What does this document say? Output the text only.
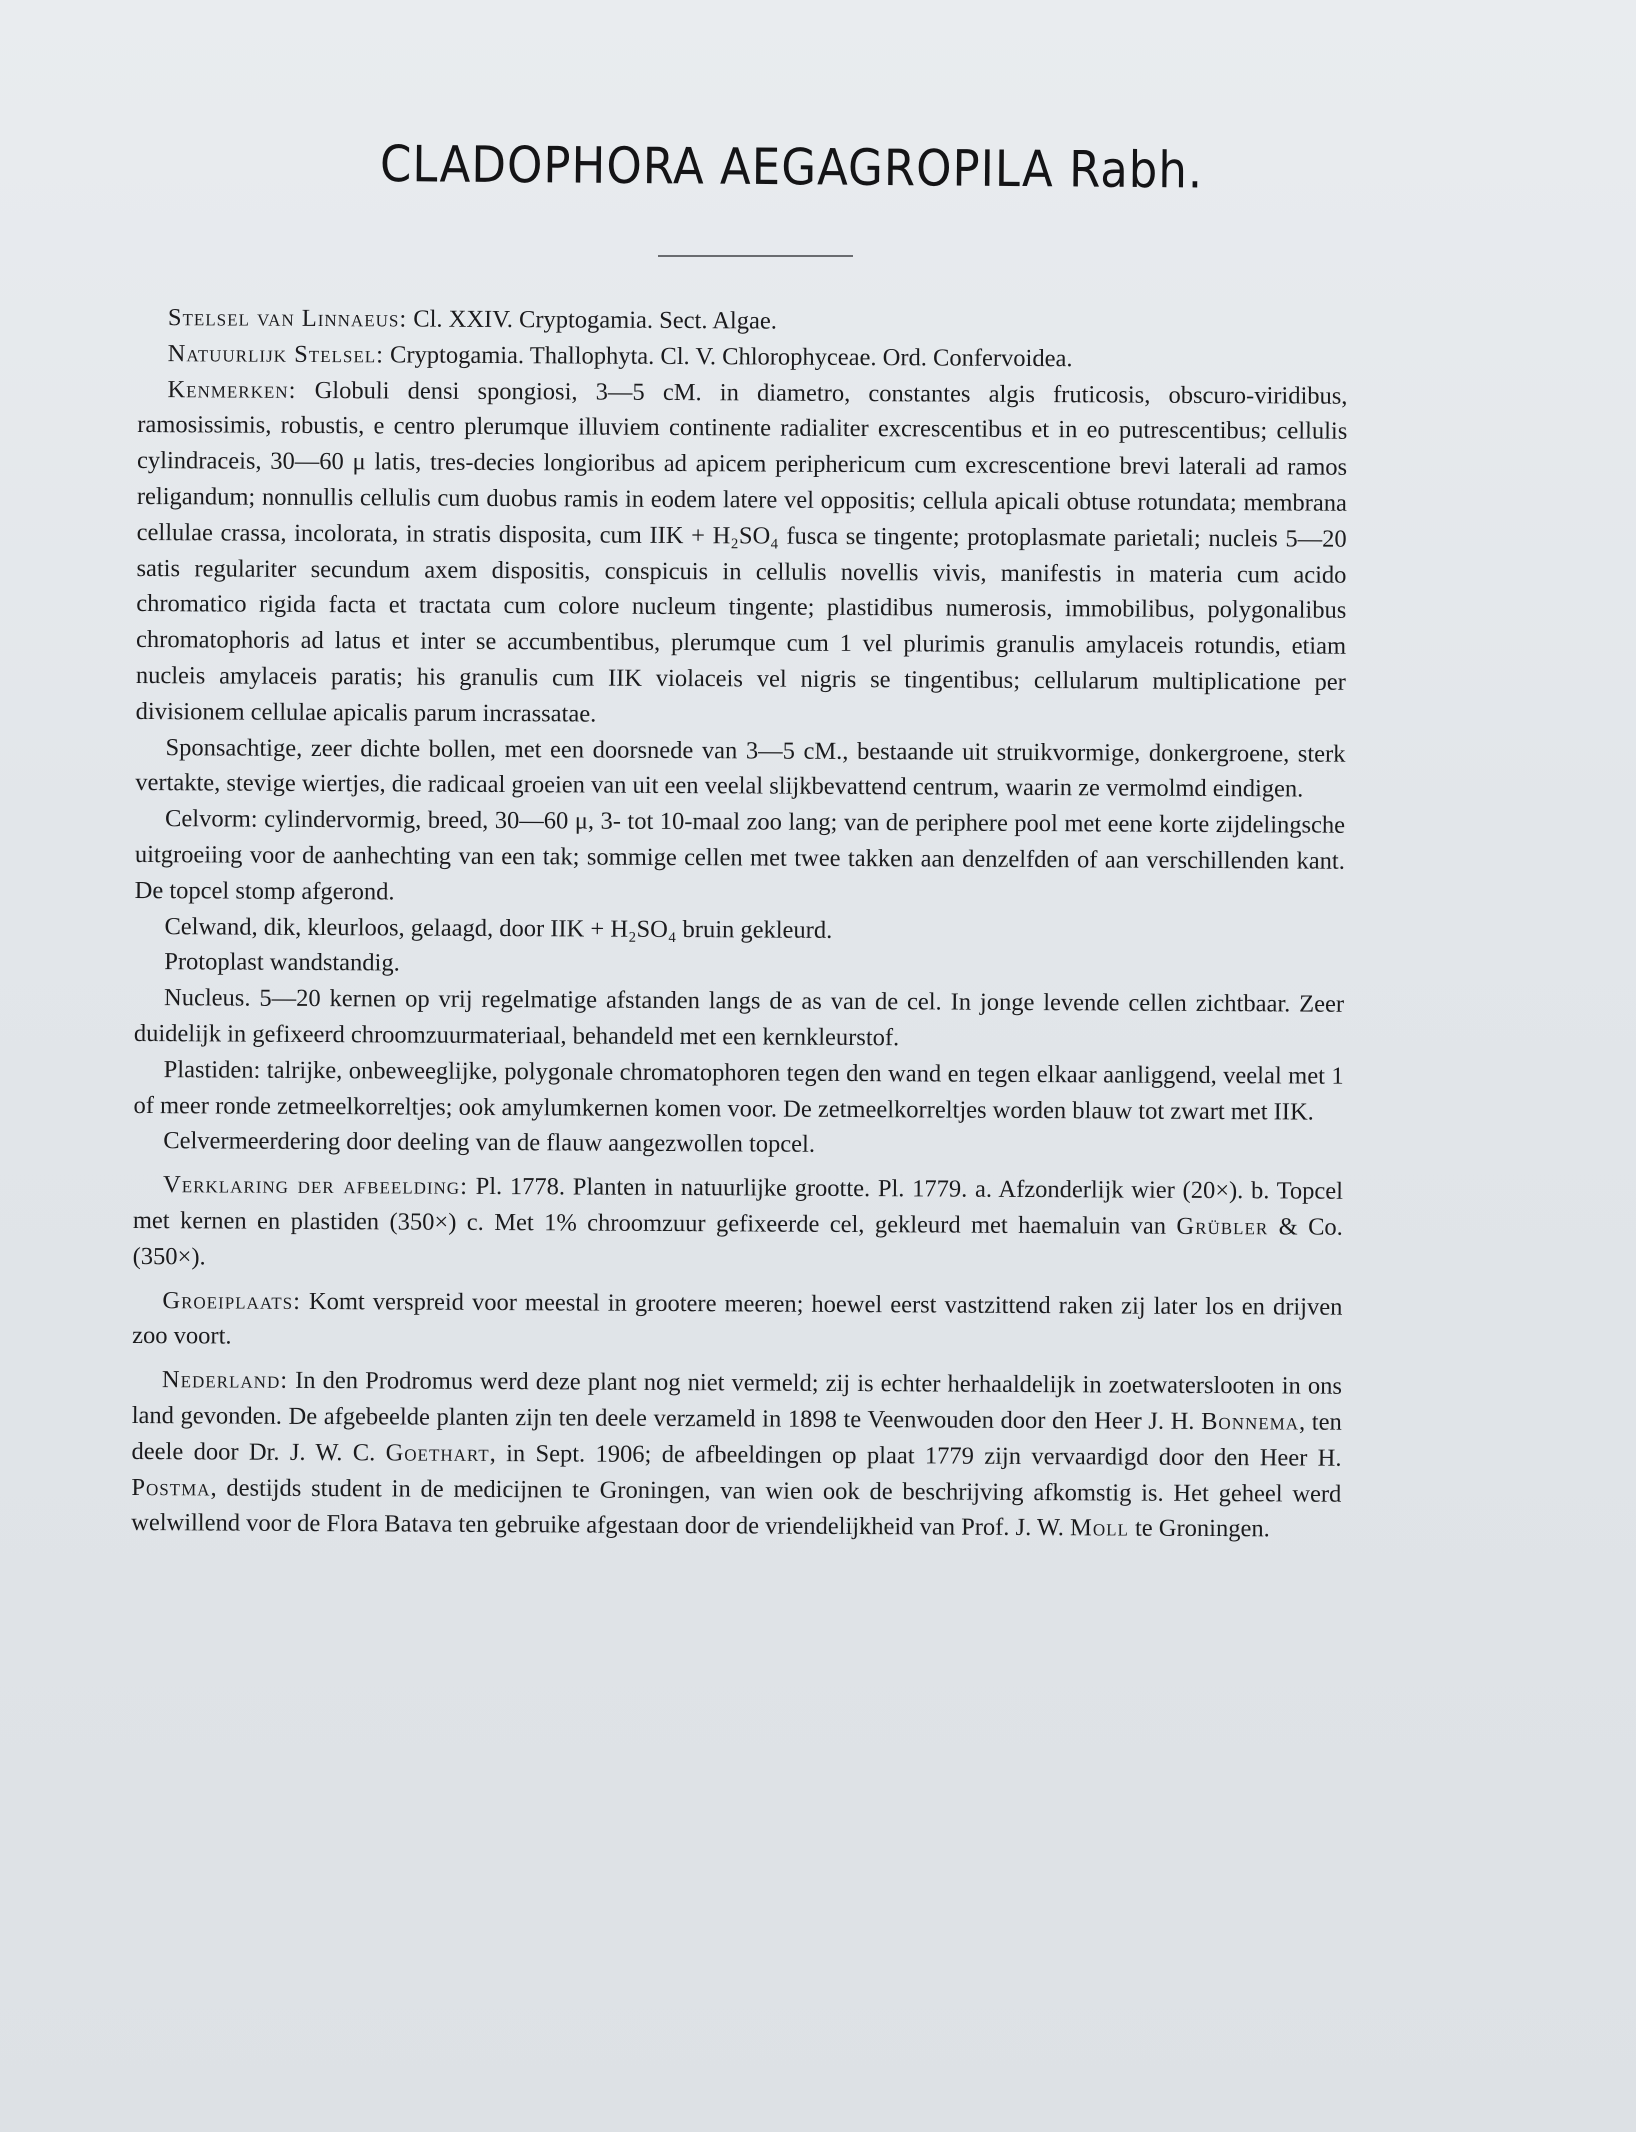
CLADOPHORA AEGAGROPILA Rabh.

Stelsel van Linnaeus: Cl. XXIV. Cryptogamia. Sect. Algae.

Natuurlijk Stelsel: Cryptogamia. Thallophyta. Cl. V. Chlorophyceae. Ord. Confervoidea.

Kenmerken: Globuli densi spongiosi, 3—5 cM. in diametro, constantes algis fruticosis, obscuro-viridibus, ramosissimis, robustis, e centro plerumque illuviem continente radialiter excrescentibus et in eo putrescentibus; cellulis cylindraceis, 30—60 μ latis, tres-decies longioribus ad apicem periphericum cum excrescentione brevi laterali ad ramos religandum; nonnullis cellulis cum duobus ramis in eodem latere vel oppositis; cellula apicali obtuse rotundata; membrana cellulae crassa, incolorata, in stratis disposita, cum IIK + H₂SO₄ fusca se tingente; protoplasmate parietali; nucleis 5—20 satis regulariter secundum axem dispositis, conspicuis in cellulis novellis vivis, manifestis in materia cum acido chromatico rigida facta et tractata cum colore nucleum tingente; plastidibus numerosis, immobilibus, polygonalibus chromatophoris ad latus et inter se accumbentibus, plerumque cum 1 vel plurimis granulis amylaceis rotundis, etiam nucleis amylaceis paratis; his granulis cum IIK violaceis vel nigris se tingentibus; cellularum multiplicatione per divisionem cellulae apicalis parum incrassatae.

Sponsachtige, zeer dichte bollen, met een doorsnede van 3—5 cM., bestaande uit struikvormige, donkergroene, sterk vertakte, stevige wiertjes, die radicaal groeien van uit een veelal slijkbevattend centrum, waarin ze vermolmd eindigen.

Celvorm: cylindervormig, breed, 30—60 μ, 3- tot 10-maal zoo lang; van de periphere pool met eene korte zijdelingsche uitgroeiing voor de aanhechting van een tak; sommige cellen met twee takken aan denzelfden of aan verschillenden kant. De topcel stomp afgerond.

Celwand, dik, kleurloos, gelaagd, door IIK + H₂SO₄ bruin gekleurd.

Protoplast wandstandig.

Nucleus. 5—20 kernen op vrij regelmatige afstanden langs de as van de cel. In jonge levende cellen zichtbaar. Zeer duidelijk in gefixeerd chroomzuurmateriaal, behandeld met een kernkleurstof.

Plastiden: talrijke, onbeweeglijke, polygonale chromatophoren tegen den wand en tegen elkaar aanliggend, veelal met 1 of meer ronde zetmeelkorreltjes; ook amylumkernen komen voor. De zetmeelkorreltjes worden blauw tot zwart met IIK.

Celvermeerdering door deeling van de flauw aangezwollen topcel.

Verklaring der afbeelding: Pl. 1778. Planten in natuurlijke grootte. Pl. 1779. a. Afzonderlijk wier (20×). b. Topcel met kernen en plastiden (350×) c. Met 1% chroomzuur gefixeerde cel, gekleurd met haemaluin van Grübler & Co. (350×).

Groeiplaats: Komt verspreid voor meestal in grootere meeren; hoewel eerst vastzittend raken zij later los en drijven zoo voort.

Nederland: In den Prodromus werd deze plant nog niet vermeld; zij is echter herhaaldelijk in zoetwaterslooten in ons land gevonden. De afgebeelde planten zijn ten deele verzameld in 1898 te Veenwouden door den Heer J. H. Bonnema, ten deele door Dr. J. W. C. Goethart, in Sept. 1906; de afbeeldingen op plaat 1779 zijn vervaardigd door den Heer H. Postma, destijds student in de medicijnen te Groningen, van wien ook de beschrijving afkomstig is. Het geheel werd welwillend voor de Flora Batava ten gebruike afgestaan door de vriendelijkheid van Prof. J. W. Moll te Groningen.
